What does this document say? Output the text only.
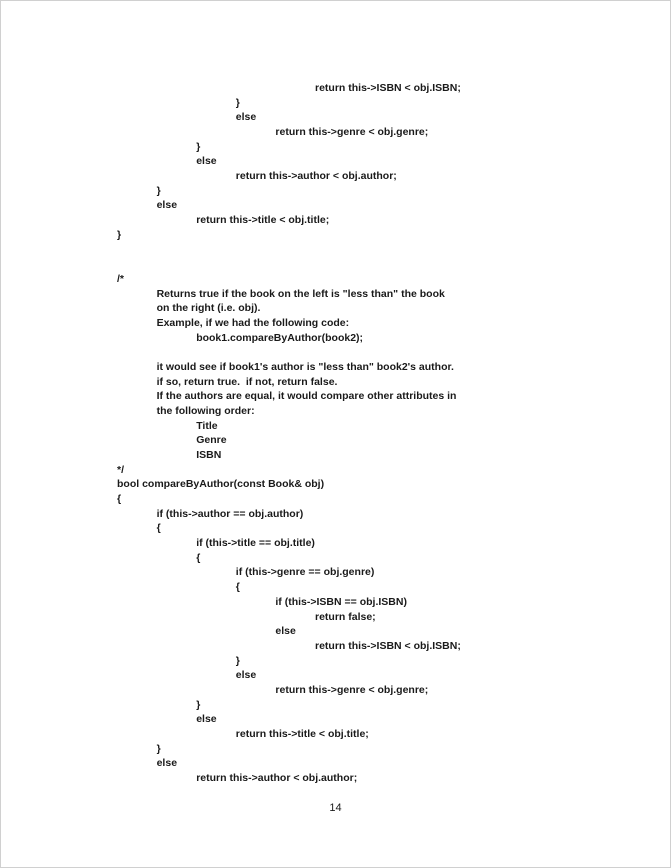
return this->ISBN < obj.ISBN;
}
else
return this->genre < obj.genre;
}
else
return this->author < obj.author;
}
else
return this->title < obj.title;
}
/*
Returns true if the book on the left is "less than" the book
on the right (i.e. obj).
Example, if we had the following code:
book1.compareByAuthor(book2);
it would see if book1's author is "less than" book2's author.
if so, return true.  if not, return false.
If the authors are equal, it would compare other attributes in
the following order:
Title
Genre
ISBN
*/
bool compareByAuthor(const Book& obj)
{
if (this->author == obj.author)
{
if (this->title == obj.title)
{
if (this->genre == obj.genre)
{
if (this->ISBN == obj.ISBN)
return false;
else
return this->ISBN < obj.ISBN;
}
else
return this->genre < obj.genre;
}
else
return this->title < obj.title;
}
else
return this->author < obj.author;
14
